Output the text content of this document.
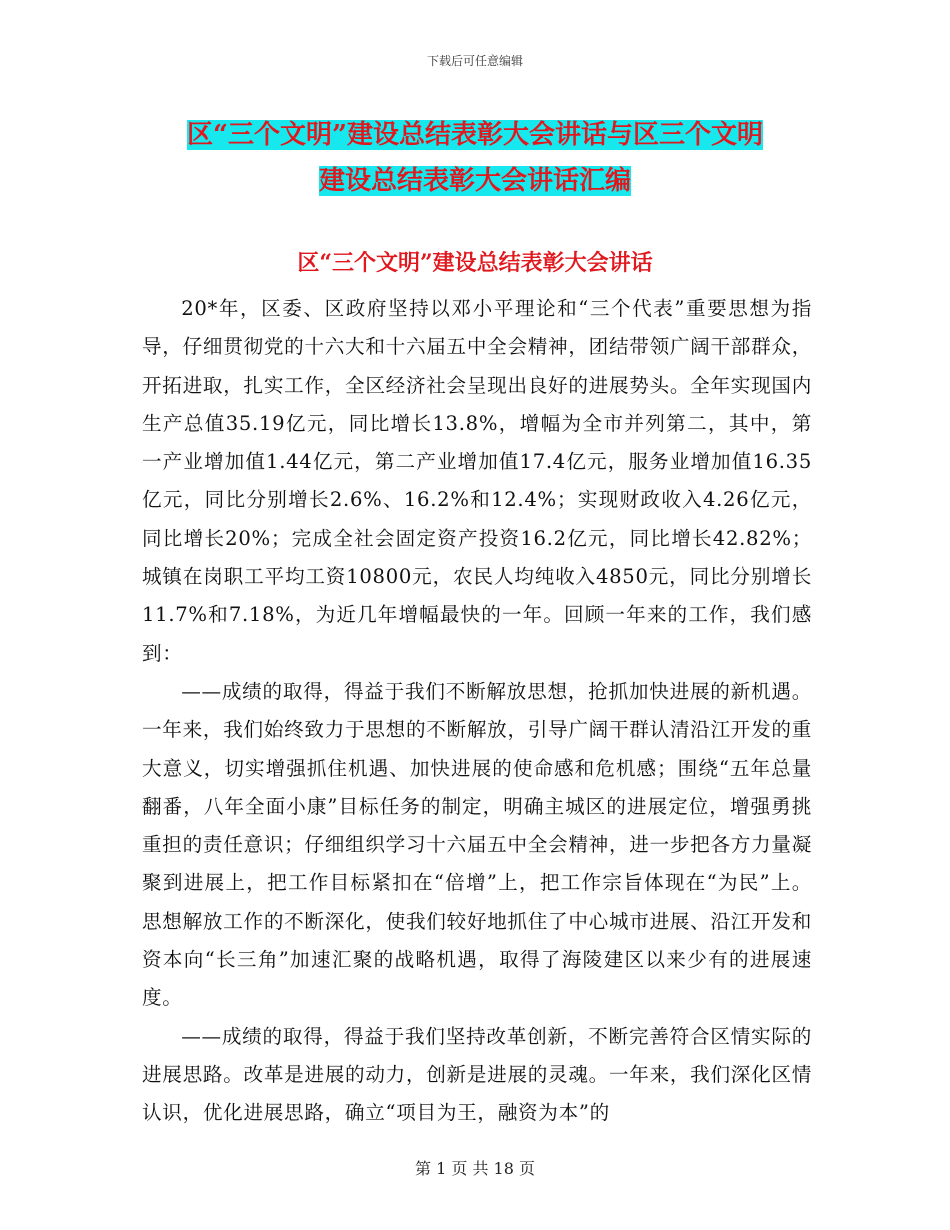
下载后可任意编辑
区“三个文明”建设总结表彰大会讲话与区三个文明
建设总结表彰大会讲话汇编
区“三个文明”建设总结表彰大会讲话

20*年，区委、区政府坚持以邓小平理论和“三个代表”重要思想为指导，仔细贯彻党的十六大和十六届五中全会精神，团结带领广阔干部群众，开拓进取，扎实工作，全区经济社会呈现出良好的进展势头。全年实现国内生产总值35.19亿元，同比增长13.8%，增幅为全市并列第二，其中，第一产业增加值1.44亿元，第二产业增加值17.4亿元，服务业增加值16.35亿元，同比分别增长2.6%、16.2%和12.4%；实现财政收入4.26亿元，同比增长20%；完成全社会固定资产投资16.2亿元，同比增长42.82%；城镇在岗职工平均工资10800元，农民人均纯收入4850元，同比分别增长11.7%和7.18%，为近几年增幅最快的一年。回顾一年来的工作，我们感到：

——成绩的取得，得益于我们不断解放思想，抢抓加快进展的新机遇。一年来，我们始终致力于思想的不断解放，引导广阔干群认清沿江开发的重大意义，切实增强抓住机遇、加快进展的使命感和危机感；围绕“五年总量翻番，八年全面小康”目标任务的制定，明确主城区的进展定位，增强勇挑重担的责任意识；仔细组织学习十六届五中全会精神，进一步把各方力量凝聚到进展上，把工作目标紧扣在“倍增”上，把工作宗旨体现在“为民”上。思想解放工作的不断深化，使我们较好地抓住了中心城市进展、沿江开发和资本向“长三角”加速汇聚的战略机遇，取得了海陵建区以来少有的进展速度。

——成绩的取得，得益于我们坚持改革创新，不断完善符合区情实际的进展思路。改革是进展的动力，创新是进展的灵魂。一年来，我们深化区情认识，优化进展思路，确立“项目为王，融资为本”的

第 1 页 共 18 页
